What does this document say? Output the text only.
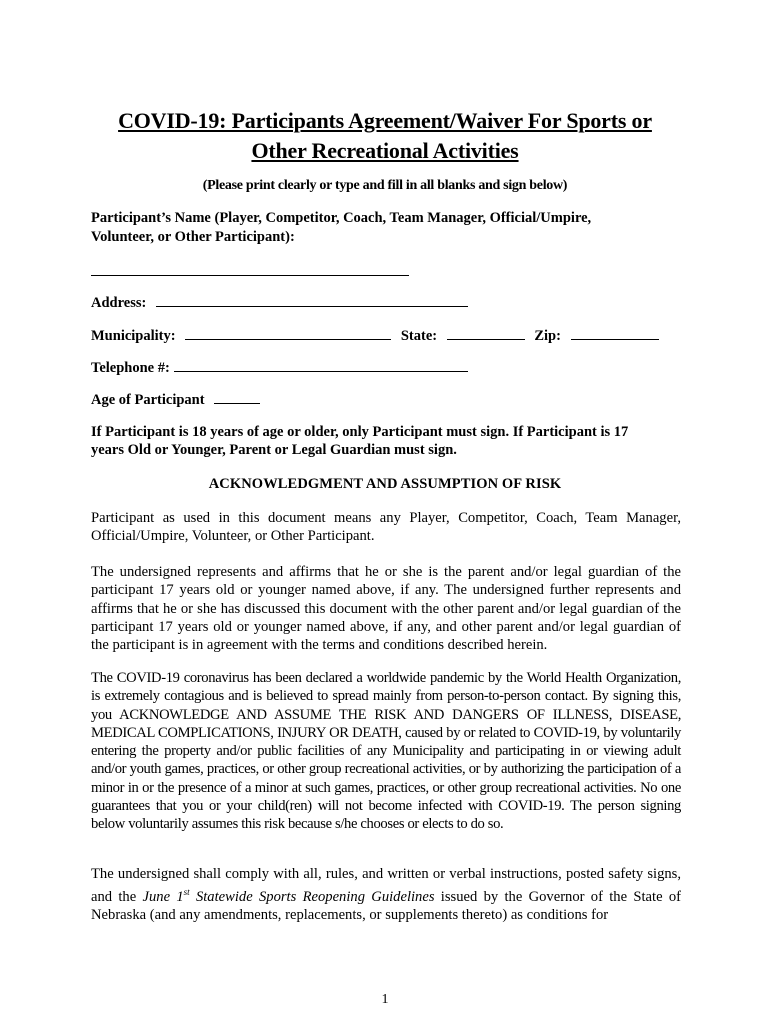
COVID-19: Participants Agreement/Waiver For Sports or
Other Recreational Activities
(Please print clearly or type and fill in all blanks and sign below)
Participant’s Name (Player, Competitor, Coach, Team Manager, Official/Umpire,
Volunteer, or Other Participant):
Address:
Municipality:	State:	Zip:
Telephone #:
Age of Participant
If Participant is 18 years of age or older, only Participant must sign. If Participant is 17
years Old or Younger, Parent or Legal Guardian must sign.
ACKNOWLEDGMENT AND ASSUMPTION OF RISK
Participant as used in this document means any Player, Competitor, Coach, Team Manager, Official/Umpire, Volunteer, or Other Participant.
The undersigned represents and affirms that he or she is the parent and/or legal guardian of the participant 17 years old or younger named above, if any. The undersigned further represents and affirms that he or she has discussed this document with the other parent and/or legal guardian of the participant 17 years old or younger named above, if any, and other parent and/or legal guardian of the participant is in agreement with the terms and conditions described herein.
The COVID-19 coronavirus has been declared a worldwide pandemic by the World Health Organization, is extremely contagious and is believed to spread mainly from person-to-person contact. By signing this, you ACKNOWLEDGE AND ASSUME THE RISK AND DANGERS OF ILLNESS, DISEASE, MEDICAL COMPLICATIONS, INJURY OR DEATH, caused by or related to COVID-19, by voluntarily entering the property and/or public facilities of any Municipality and participating in or viewing adult and/or youth games, practices, or other group recreational activities, or by authorizing the participation of a minor in or the presence of a minor at such games, practices, or other group recreational activities. No one guarantees that you or your child(ren) will not become infected with COVID-19. The person signing below voluntarily assumes this risk because s/he chooses or elects to do so.
The undersigned shall comply with all, rules, and written or verbal instructions, posted safety signs, and the June 1st Statewide Sports Reopening Guidelines issued by the Governor of the State of Nebraska (and any amendments, replacements, or supplements thereto) as conditions for
1
